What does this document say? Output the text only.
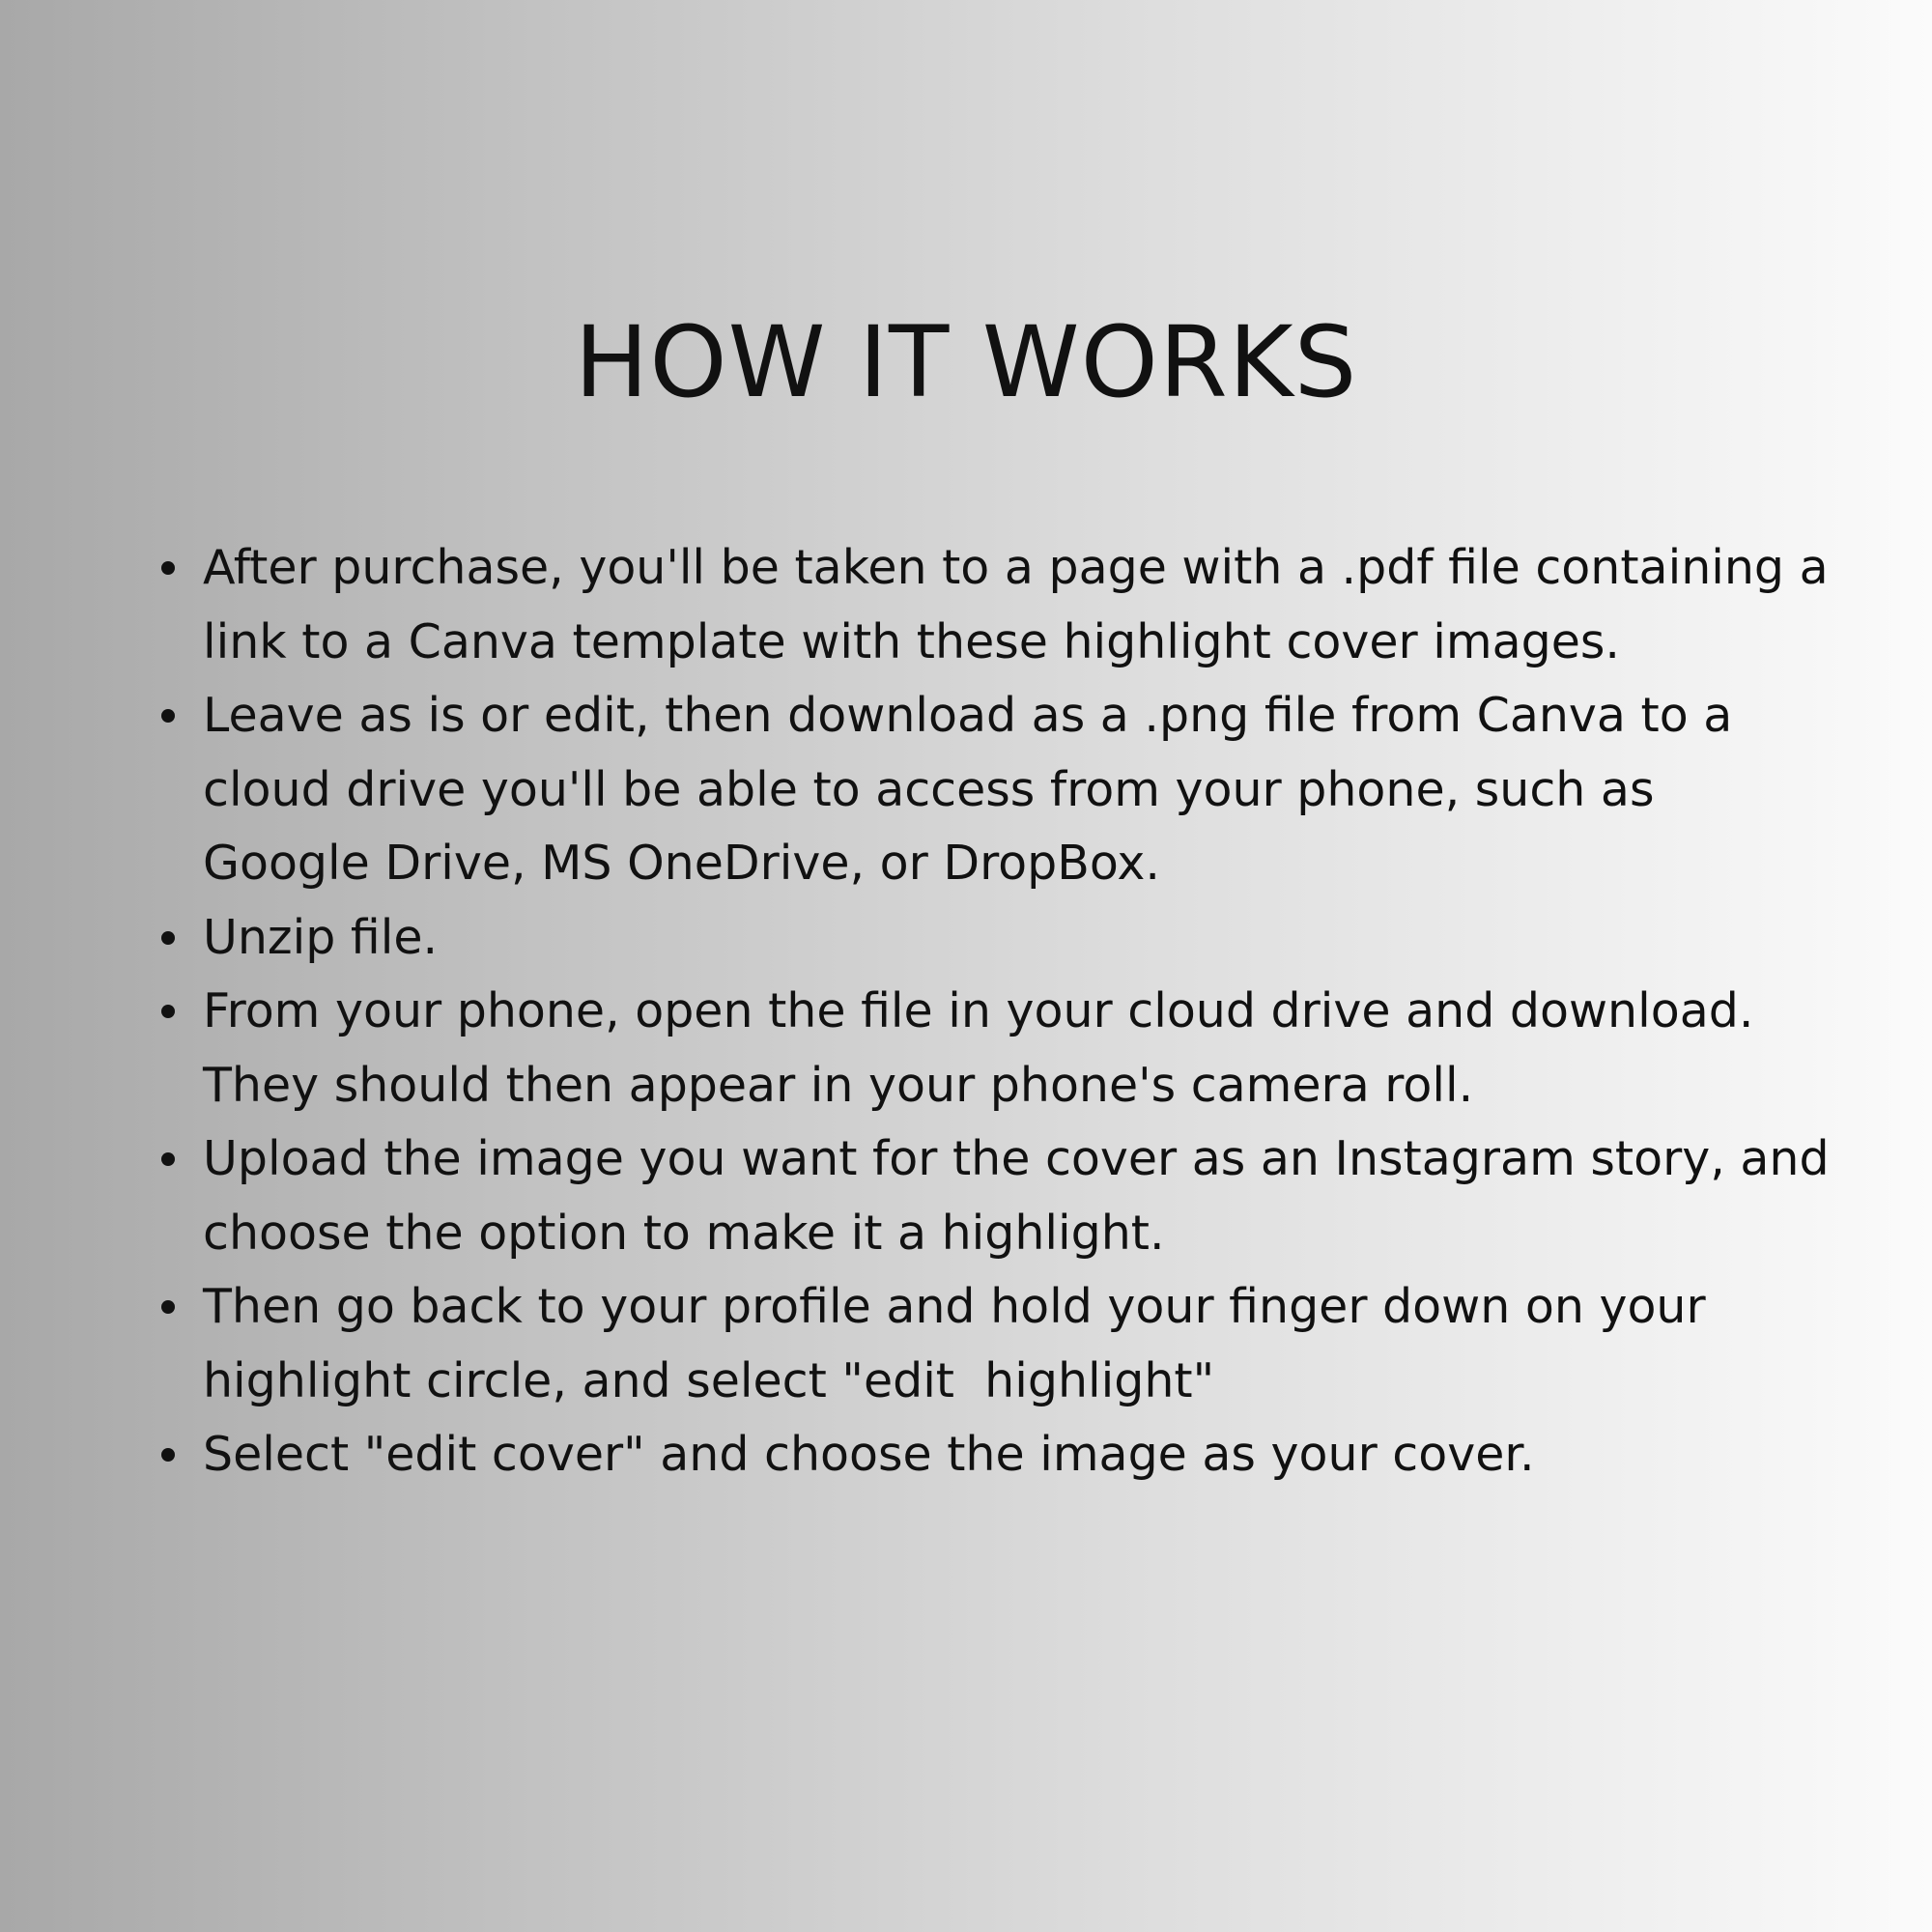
HOW IT WORKS
After purchase, you'll be taken to a page with a .pdf file containing a link to a Canva template with these highlight cover images.
Leave as is or edit, then download as a .png file from Canva to a cloud drive you'll be able to access from your phone, such as Google Drive, MS OneDrive, or DropBox.
Unzip file.
From your phone, open the file in your cloud drive and download. They should then appear in your phone's camera roll.
Upload the image you want for the cover as an Instagram story, and choose the option to make it a highlight.
Then go back to your profile and hold your finger down on your highlight circle, and select "edit  highlight"
Select "edit cover" and choose the image as your cover.
